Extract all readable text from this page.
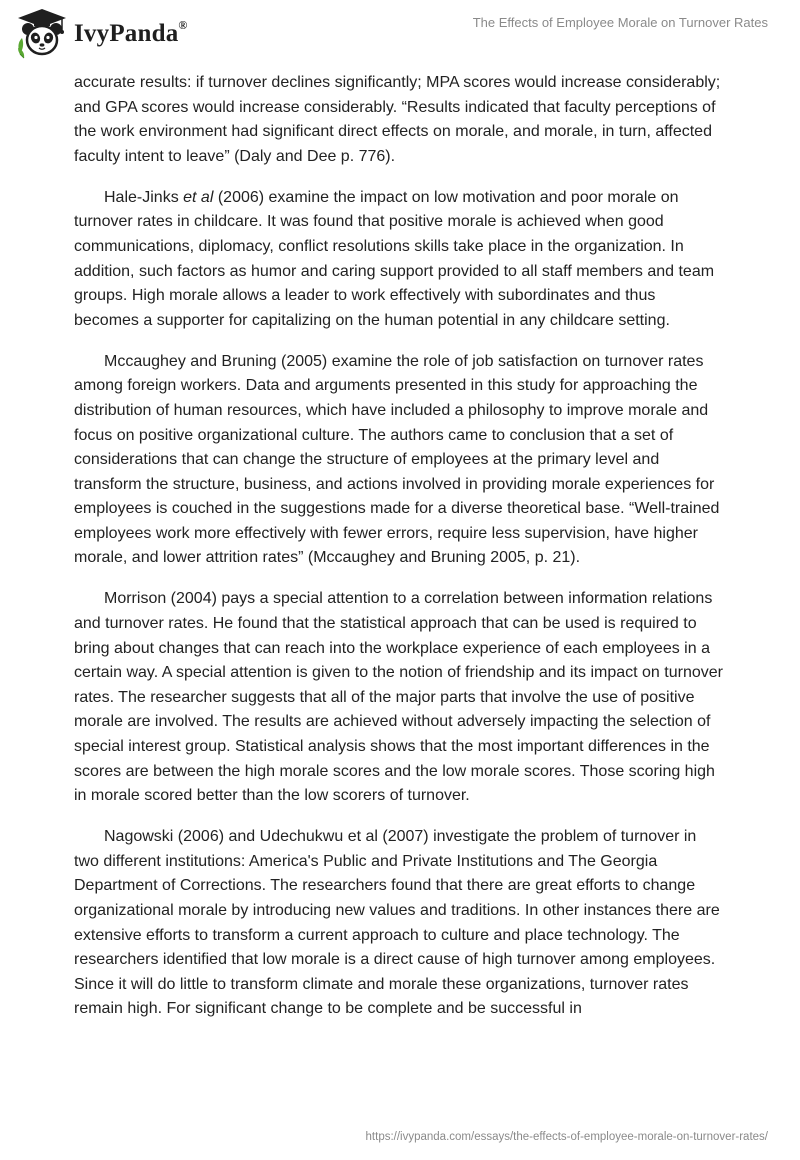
IvyPanda®	The Effects of Employee Morale on Turnover Rates

accurate results: if turnover declines significantly; MPA scores would increase considerably; and GPA scores would increase considerably. “Results indicated that faculty perceptions of the work environment had significant direct effects on morale, and morale, in turn, affected faculty intent to leave” (Daly and Dee p. 776).

Hale-Jinks et al (2006) examine the impact on low motivation and poor morale on turnover rates in childcare. It was found that positive morale is achieved when good communications, diplomacy, conflict resolutions skills take place in the organization. In addition, such factors as humor and caring support provided to all staff members and team groups. High morale allows a leader to work effectively with subordinates and thus becomes a supporter for capitalizing on the human potential in any childcare setting.

Mccaughey and Bruning (2005) examine the role of job satisfaction on turnover rates among foreign workers. Data and arguments presented in this study for approaching the distribution of human resources, which have included a philosophy to improve morale and focus on positive organizational culture. The authors came to conclusion that a set of considerations that can change the structure of employees at the primary level and transform the structure, business, and actions involved in providing morale experiences for employees is couched in the suggestions made for a diverse theoretical base. “Well-trained employees work more effectively with fewer errors, require less supervision, have higher morale, and lower attrition rates” (Mccaughey and Bruning 2005, p. 21).

Morrison (2004) pays a special attention to a correlation between information relations and turnover rates. He found that the statistical approach that can be used is required to bring about changes that can reach into the workplace experience of each employees in a certain way. A special attention is given to the notion of friendship and its impact on turnover rates. The researcher suggests that all of the major parts that involve the use of positive morale are involved. The results are achieved without adversely impacting the selection of special interest group. Statistical analysis shows that the most important differences in the scores are between the high morale scores and the low morale scores. Those scoring high in morale scored better than the low scorers of turnover.

Nagowski (2006) and Udechukwu et al (2007) investigate the problem of turnover in two different institutions: America's Public and Private Institutions and The Georgia Department of Corrections. The researchers found that there are great efforts to change organizational morale by introducing new values and traditions. In other instances there are extensive efforts to transform a current approach to culture and place technology. The researchers identified that low morale is a direct cause of high turnover among employees. Since it will do little to transform climate and morale these organizations, turnover rates remain high. For significant change to be complete and be successful in

https://ivypanda.com/essays/the-effects-of-employee-morale-on-turnover-rates/
